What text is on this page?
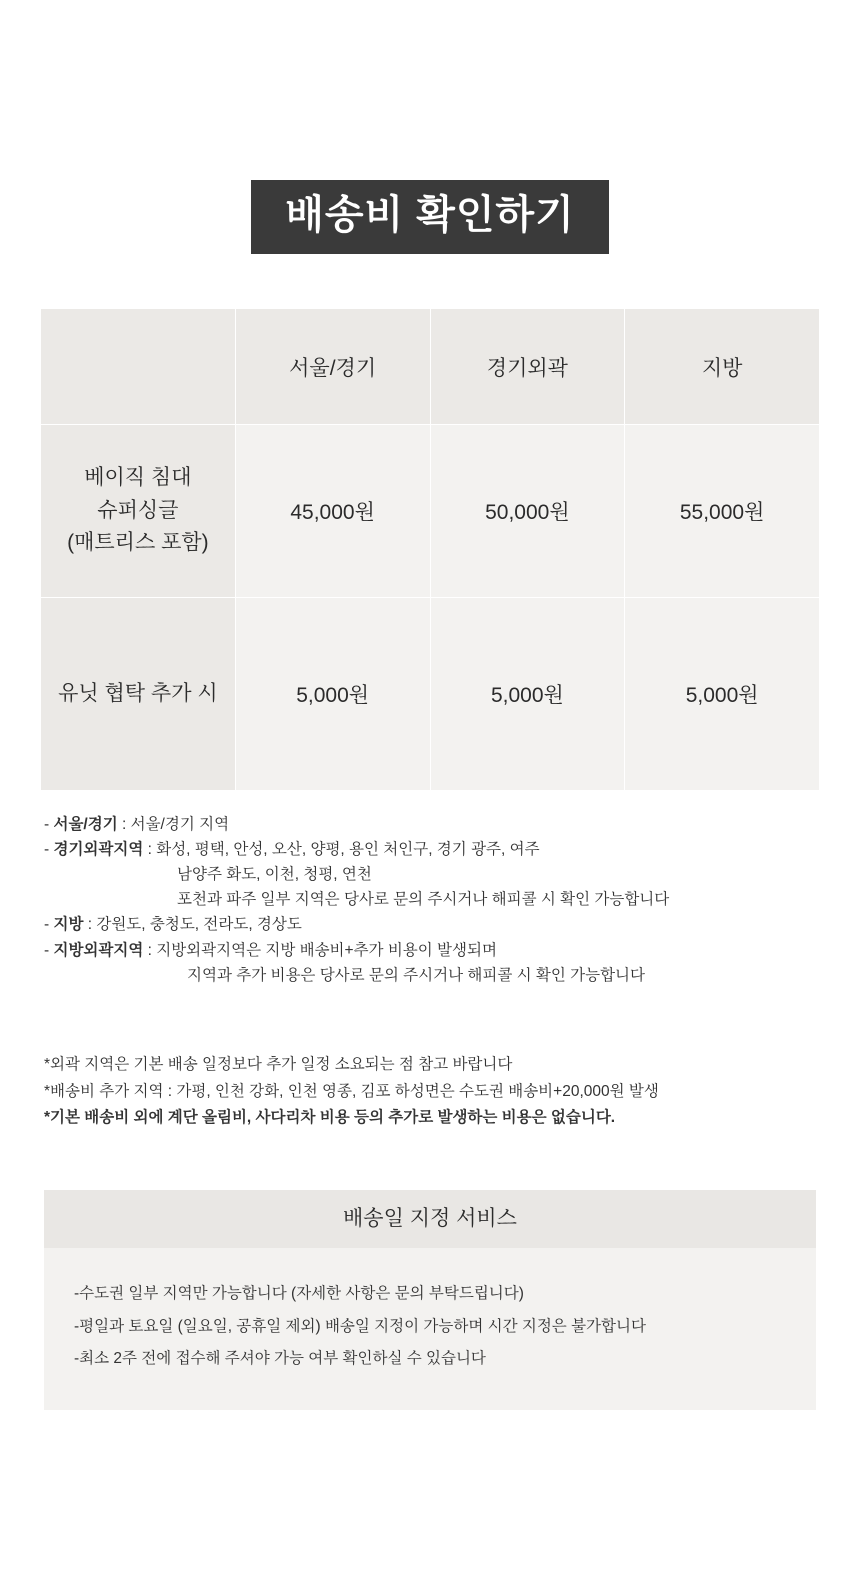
배송비 확인하기
	서울/경기	경기외곽	지방

베이직 침대
슈퍼싱글
(매트리스 포함)	45,000원	50,000원	55,000원

유닛 협탁 추가 시	5,000원	5,000원	5,000원
- 서울/경기 : 서울/경기 지역
- 경기외곽지역 : 화성, 평택, 안성, 오산, 양평, 용인 처인구, 경기 광주, 여주
남양주 화도, 이천, 청평, 연천
포천과 파주 일부 지역은 당사로 문의 주시거나 해피콜 시 확인 가능합니다
- 지방 : 강원도, 충청도, 전라도, 경상도
- 지방외곽지역 : 지방외곽지역은 지방 배송비+추가 비용이 발생되며
지역과 추가 비용은 당사로 문의 주시거나 해피콜 시 확인 가능합니다
*외곽 지역은 기본 배송 일정보다 추가 일정 소요되는 점 참고 바랍니다
*배송비 추가 지역 : 가평, 인천 강화, 인천 영종, 김포 하성면은 수도권 배송비+20,000원 발생
*기본 배송비 외에 계단 올림비, 사다리차 비용 등의 추가로 발생하는 비용은 없습니다.
배송일 지정 서비스
-수도권 일부 지역만 가능합니다 (자세한 사항은 문의 부탁드립니다)
-평일과 토요일 (일요일, 공휴일 제외) 배송일 지정이 가능하며 시간 지정은 불가합니다
-최소 2주 전에 접수해 주셔야 가능 여부 확인하실 수 있습니다
